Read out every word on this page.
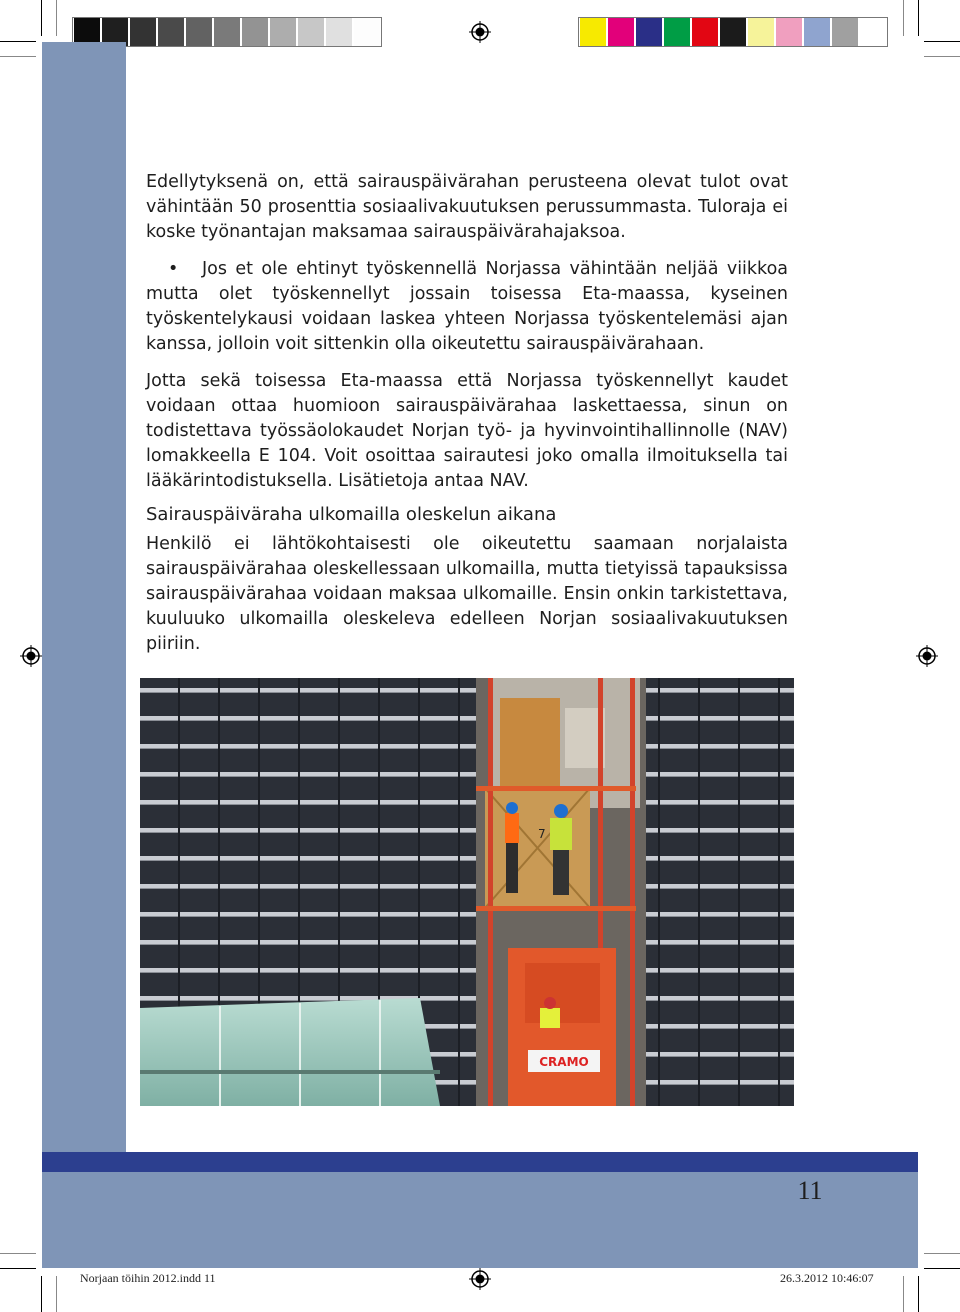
Edellytyksenä on, että sairauspäivärahan perusteena olevat tulot ovat vähintään 50 prosenttia sosiaalivakuutuksen perussummasta. Tuloraja ei koske työnantajan maksamaa sairauspäivärahajaksoa.

• Jos et ole ehtinyt työskennellä Norjassa vähintään neljää viikkoa mutta olet työskennellyt jossain toisessa Eta-maassa, kyseinen työskentelykausi voidaan laskea yhteen Norjassa työskentelemäsi ajan kanssa, jolloin voit sittenkin olla oikeutettu sairauspäivärahaan.

Jotta sekä toisessa Eta-maassa että Norjassa työskennellyt kaudet voidaan ottaa huomioon sairauspäivärahaa laskettaessa, sinun on todistettava työssäolokaudet Norjan työ- ja hyvinvointihallinnolle (NAV) lomakkeella E 104. Voit osoittaa sairautesi joko omalla ilmoituksella tai lääkärintodistuksella. Lisätietoja antaa NAV.

Sairauspäiväraha ulkomailla oleskelun aikana

Henkilö ei lähtökohtaisesti ole oikeutettu saamaan norjalaista sairauspäivärahaa oleskellessaan ulkomailla, mutta tietyissä tapauksissa sairauspäivärahaa voidaan maksaa ulkomaille. Ensin onkin tarkistettava, kuuluuko ulkomailla oleskeleva edelleen Norjan sosiaalivakuutuksen piiriin.

7
CRAMO
11
Norjaan töihin 2012.indd 11	26.3.2012 10:46:07
